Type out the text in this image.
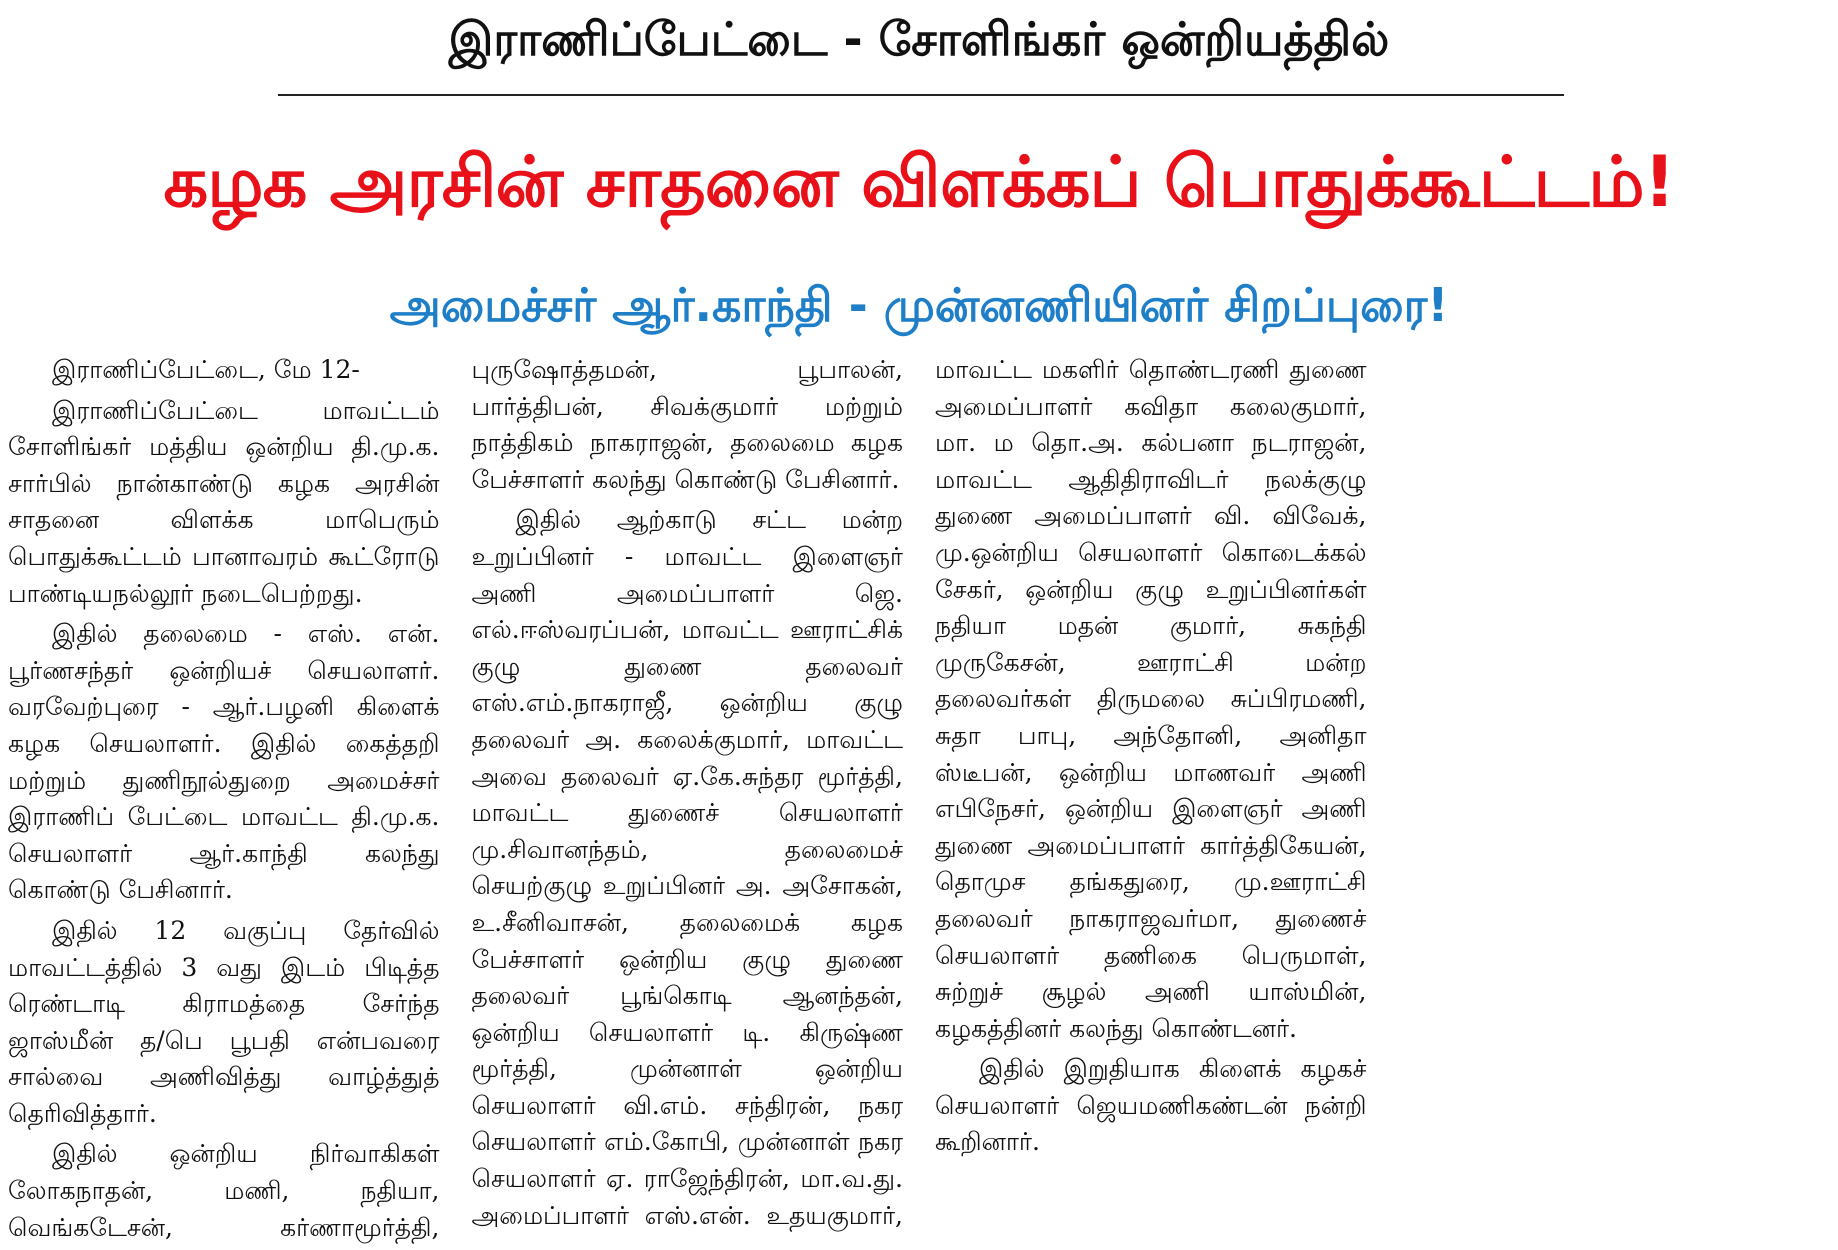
இராணிப்பேட்டை - சோளிங்கர் ஒன்றியத்தில்
கழக அரசின் சாதனை விளக்கப் பொதுக்கூட்டம்!
அமைச்சர் ஆர்.காந்தி - முன்னணியினர் சிறப்புரை!

இராணிப்பேட்டை, மே 12-

இராணிப்பேட்டை மாவட்டம் சோளிங்கர் மத்திய ஒன்றிய தி.மு.க. சார்பில் நான்காண்டு கழக அரசின் சாதனை விளக்க மாபெரும் பொதுக்கூட்டம் பானாவரம் கூட்ரோடு பாண்டியநல்லூர் நடைபெற்றது.

இதில் தலைமை - எஸ். என். பூர்ணசந்தர் ஒன்றியச் செயலாளர். வரவேற்புரை - ஆர்.பழனி கிளைக் கழக செயலாளர். இதில் கைத்தறி மற்றும் துணிநூல்துறை அமைச்சர் இராணிப் பேட்டை மாவட்ட தி.மு.க. செயலாளர் ஆர்.காந்தி கலந்து கொண்டு பேசினார்.

இதில் 12 வகுப்பு தேர்வில் மாவட்டத்தில் 3 வது இடம் பிடித்த ரெண்டாடி கிராமத்தை சேர்ந்த ஜாஸ்மீன் த/பெ பூபதி என்பவரை சால்வை அணிவித்து வாழ்த்துத் தெரிவித்தார்.

இதில் ஒன்றிய நிர்வாகிகள் லோகநாதன், மணி, நதியா, வெங்கடேசன், கர்ணாமூர்த்தி, புருஷோத்தமன், பூபாலன், பார்த்திபன், சிவக்குமார் மற்றும் நாத்திகம் நாகராஜன், தலைமை கழக பேச்சாளர் கலந்து கொண்டு பேசினார்.

இதில் ஆற்காடு சட்ட மன்ற உறுப்பினர் - மாவட்ட இளைஞர் அணி அமைப்பாளர் ஜெ. எல்.ஈஸ்வரப்பன், மாவட்ட ஊராட்சிக் குழு துணை தலைவர் எஸ்.எம்.நாகராஜீ, ஒன்றிய குழு தலைவர் அ. கலைக்குமார், மாவட்ட அவை தலைவர் ஏ.கே.சுந்தர மூர்த்தி, மாவட்ட துணைச் செயலாளர் மு.சிவானந்தம், தலைமைச் செயற்குழு உறுப்பினர் அ. அசோகன், உ.சீனிவாசன், தலைமைக் கழக பேச்சாளர் ஒன்றிய குழு துணை தலைவர் பூங்கொடி ஆனந்தன், ஒன்றிய செயலாளர் டி. கிருஷ்ண மூர்த்தி, முன்னாள் ஒன்றிய செயலாளர் வி.எம். சந்திரன், நகர செயலாளர் எம்.கோபி, முன்னாள் நகர செயலாளர் ஏ. ராஜேந்திரன், மா.வ.து. அமைப்பாளர் எஸ்.என். உதயகுமார், மாவட்ட மகளிர் தொண்டரணி துணை அமைப்பாளர் கவிதா கலைகுமார், மா. ம தொ.அ. கல்பனா நடராஜன், மாவட்ட ஆதிதிராவிடர் நலக்குழு துணை அமைப்பாளர் வி. விவேக், மு.ஒன்றிய செயலாளர் கொடைக்கல் சேகர், ஒன்றிய குழு உறுப்பினர்கள் நதியா மதன் குமார், சுகந்தி முருகேசன், ஊராட்சி மன்ற தலைவர்கள் திருமலை சுப்பிரமணி, சுதா பாபு, அந்தோனி, அனிதா ஸ்டீபன், ஒன்றிய மாணவர் அணி எபிநேசர், ஒன்றிய இளைஞர் அணி துணை அமைப்பாளர் கார்த்திகேயன், தொமுச தங்கதுரை, மு.ஊராட்சி தலைவர் நாகராஜவர்மா, துணைச் செயலாளர் தணிகை பெருமாள், சுற்றுச் சூழல் அணி யாஸ்மின், கழகத்தினர் கலந்து கொண்டனர்.

இதில் இறுதியாக கிளைக் கழகச் செயலாளர் ஜெயமணிகண்டன் நன்றி கூறினார்.
